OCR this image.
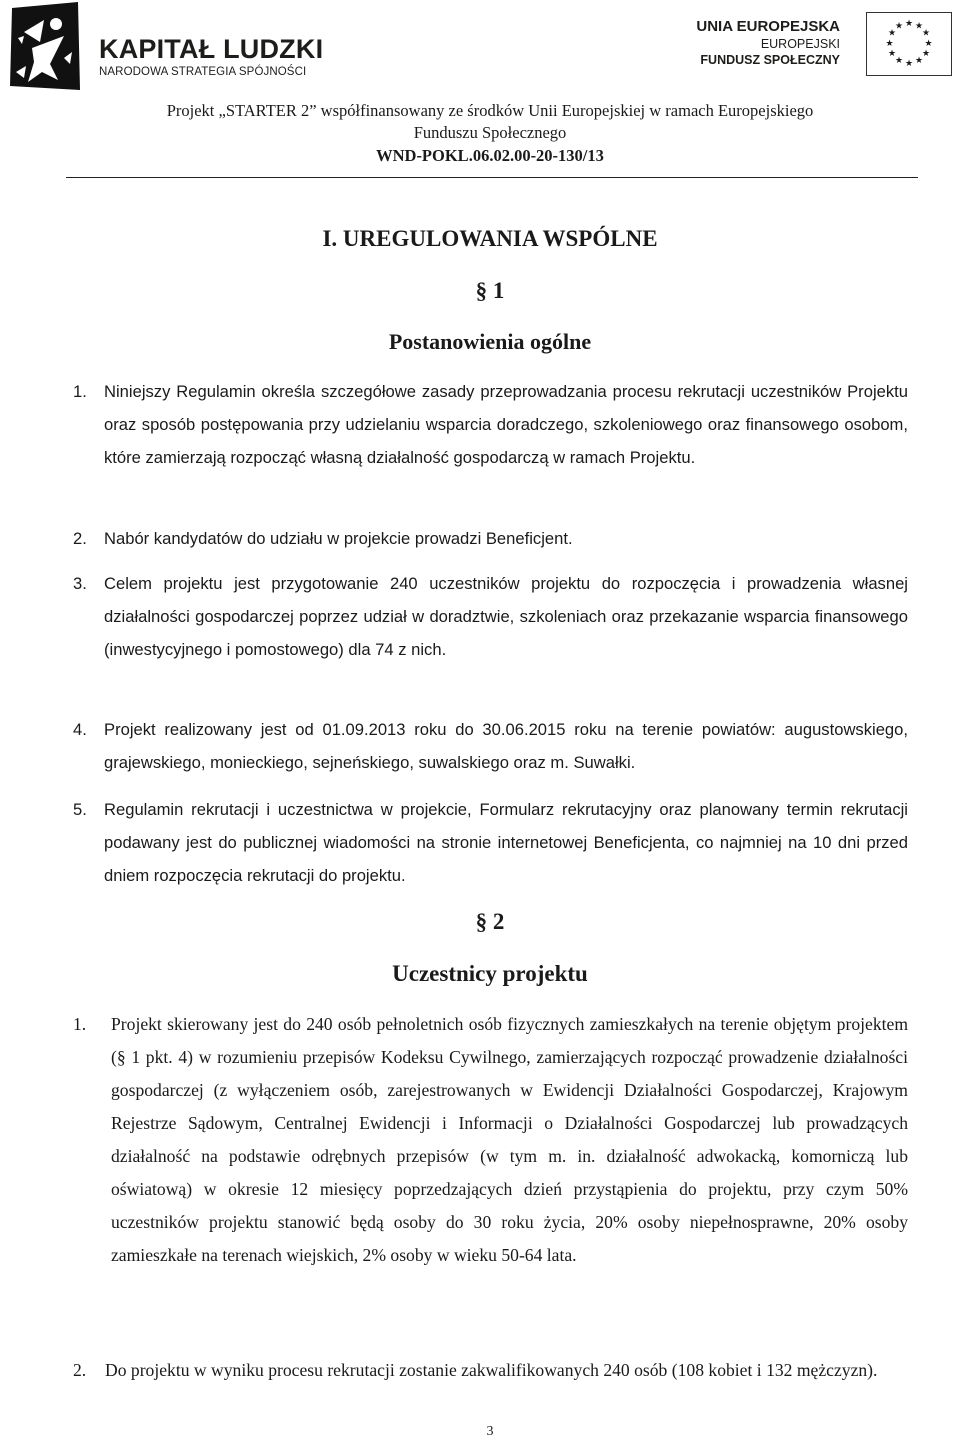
KAPITAŁ LUDZKI
NARODOWA STRATEGIA SPÓJNOŚCI
UNIA EUROPEJSKA
EUROPEJSKI
FUNDUSZ SPOŁECZNY
★ ★
★
★
★
★
★
★
★
★
★
★
Projekt „STARTER 2” współfinansowany ze środków Unii Europejskiej w ramach Europejskiego
Funduszu Społecznego
WND-POKL.06.02.00-20-130/13
I. UREGULOWANIA WSPÓLNE
§ 1
Postanowienia ogólne
1. Niniejszy Regulamin określa szczegółowe zasady przeprowadzania procesu rekrutacji uczestników Projektu oraz sposób postępowania przy udzielaniu wsparcia doradczego, szkoleniowego oraz finansowego osobom, które zamierzają rozpocząć własną działalność gospodarczą w ramach Projektu.
2. Nabór kandydatów do udziału w projekcie prowadzi Beneficjent.
3. Celem projektu jest przygotowanie 240 uczestników projektu do rozpoczęcia i prowadzenia własnej działalności gospodarczej poprzez udział w doradztwie, szkoleniach oraz przekazanie wsparcia finansowego (inwestycyjnego i pomostowego) dla 74 z nich.
4. Projekt realizowany jest od 01.09.2013 roku do 30.06.2015 roku na terenie powiatów: augustowskiego, grajewskiego, monieckiego, sejneńskiego, suwalskiego oraz m. Suwałki.
5. Regulamin rekrutacji i uczestnictwa w projekcie, Formularz rekrutacyjny oraz planowany termin rekrutacji podawany jest do publicznej wiadomości na stronie internetowej Beneficjenta, co najmniej na 10 dni przed dniem rozpoczęcia rekrutacji do projektu.
§ 2
Uczestnicy projektu
1. Projekt skierowany jest do 240 osób pełnoletnich osób fizycznych zamieszkałych na terenie objętym projektem (§ 1 pkt. 4) w rozumieniu przepisów Kodeksu Cywilnego, zamierzających rozpocząć prowadzenie działalności gospodarczej (z wyłączeniem osób, zarejestrowanych w Ewidencji Działalności Gospodarczej, Krajowym Rejestrze Sądowym, Centralnej Ewidencji i Informacji o Działalności Gospodarczej lub prowadzących działalność na podstawie odrębnych przepisów (w tym m. in. działalność adwokacką, komorniczą lub oświatową) w okresie 12 miesięcy poprzedzających dzień przystąpienia do projektu, przy czym 50% uczestników projektu stanowić będą osoby do 30 roku życia, 20% osoby niepełnosprawne, 20% osoby zamieszkałe na terenach wiejskich, 2% osoby w wieku 50-64 lata.
2. Do projektu w wyniku procesu rekrutacji zostanie zakwalifikowanych 240 osób (108 kobiet i 132 mężczyzn).
3
